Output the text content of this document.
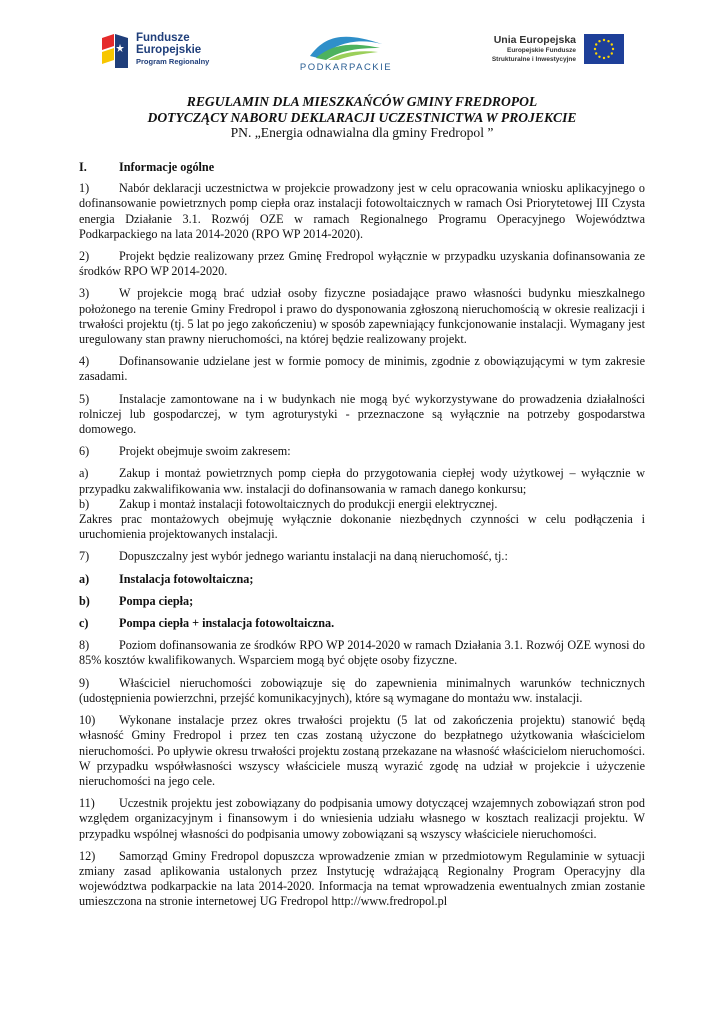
Fundusze
Europejskie
Program Regionalny
PODKARPACKIE
Unia Europejska
Europejskie Fundusze
Strukturalne i Inwestycyjne
REGULAMIN DLA MIESZKAŃCÓW GMINY FREDROPOL
DOTYCZĄCY NABORU DEKLARACJI UCZESTNICTWA W PROJEKCIE
PN. „Energia odnawialna dla gminy Fredropol ”
I.	Informacje ogólne
1) Nabór deklaracji uczestnictwa w projekcie prowadzony jest w celu opracowania wniosku aplikacyjnego o dofinansowanie powietrznych pomp ciepła oraz instalacji fotowoltaicznych w ramach Osi Priorytetowej III Czysta energia Działanie 3.1. Rozwój OZE w ramach Regionalnego Programu Operacyjnego Województwa Podkarpackiego na lata 2014-2020 (RPO WP 2014-2020).
2) Projekt będzie realizowany przez Gminę Fredropol wyłącznie w przypadku uzyskania dofinansowania ze środków RPO WP 2014-2020.
3) W projekcie mogą brać udział osoby fizyczne posiadające prawo własności budynku mieszkalnego położonego na terenie Gminy Fredropol i prawo do dysponowania zgłoszoną nieruchomością w okresie realizacji i trwałości projektu (tj. 5 lat po jego zakończeniu) w sposób zapewniający funkcjonowanie instalacji. Wymagany jest uregulowany stan prawny nieruchomości, na której będzie realizowany projekt.
4) Dofinansowanie udzielane jest w formie pomocy de minimis, zgodnie z obowiązującymi w tym zakresie zasadami.
5) Instalacje zamontowane na i w budynkach nie mogą być wykorzystywane do prowadzenia działalności rolniczej lub gospodarczej, w tym agroturystyki - przeznaczone są wyłącznie na potrzeby gospodarstwa domowego.
6) Projekt obejmuje swoim zakresem:
a)	Zakup i montaż powietrznych pomp ciepła do przygotowania ciepłej wody użytkowej – wyłącznie w przypadku zakwalifikowania ww. instalacji do dofinansowania w ramach danego konkursu;
b) Zakup i montaż instalacji fotowoltaicznych do produkcji energii elektrycznej.
Zakres prac montażowych obejmuję wyłącznie dokonanie niezbędnych czynności w celu podłączenia i uruchomienia projektowanych instalacji.
7) Dopuszczalny jest wybór jednego wariantu instalacji na daną nieruchomość, tj.:
a) Instalacja fotowoltaiczna;
b) Pompa ciepła;
c)	Pompa ciepła + instalacja fotowoltaiczna.
8) Poziom dofinansowania ze środków RPO WP 2014-2020 w ramach Działania 3.1. Rozwój OZE wynosi do 85% kosztów kwalifikowanych. Wsparciem mogą być objęte osoby fizyczne.
9) Właściciel nieruchomości zobowiązuje się do zapewnienia minimalnych warunków technicznych (udostępnienia powierzchni, przejść komunikacyjnych), które są wymagane do montażu ww. instalacji.
10) Wykonane instalacje przez okres trwałości projektu (5 lat od zakończenia projektu) stanowić będą własność Gminy Fredropol i przez ten czas zostaną użyczone do bezpłatnego użytkowania właścicielom nieruchomości. Po upływie okresu trwałości projektu zostaną przekazane na własność właścicielom nieruchomości. W przypadku współwłasności wszyscy właściciele muszą wyrazić zgodę na udział w projekcie i użyczenie nieruchomości na jego cele.
11) Uczestnik projektu jest zobowiązany do podpisania umowy dotyczącej wzajemnych zobowiązań stron pod względem organizacyjnym i finansowym i do wniesienia udziału własnego w kosztach realizacji projektu. W przypadku wspólnej własności do podpisania umowy zobowiązani są wszyscy właściciele nieruchomości.
12) Samorząd Gminy Fredropol dopuszcza wprowadzenie zmian w przedmiotowym Regulaminie w sytuacji zmiany zasad aplikowania ustalonych przez Instytucję wdrażającą Regionalny Program Operacyjny dla województwa podkarpackie na lata 2014-2020. Informacja na temat wprowadzenia ewentualnych zmian zostanie umieszczona na stronie internetowej UG Fredropol http://www.fredropol.pl
